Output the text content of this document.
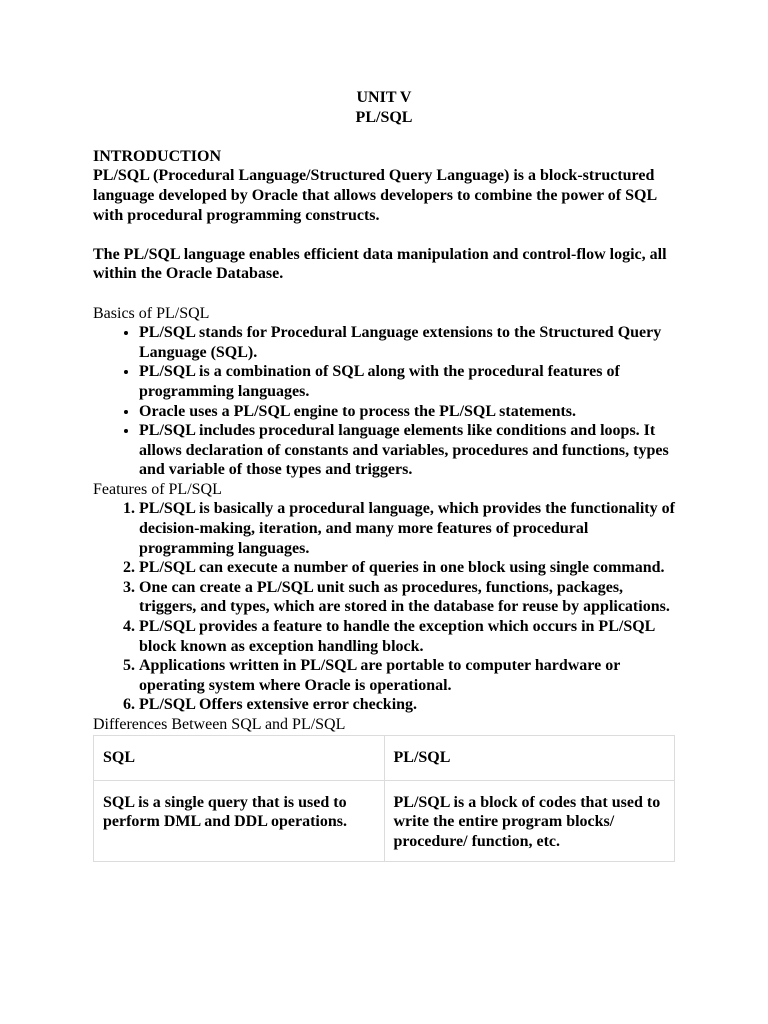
UNIT V

PL/SQL

INTRODUCTION

PL/SQL (Procedural Language/Structured Query Language) is a block-structured language developed by Oracle that allows developers to combine the power of SQL with procedural programming constructs.

The PL/SQL language enables efficient data manipulation and control-flow logic, all within the Oracle Database.

Basics of PL/SQL

• PL/SQL stands for Procedural Language extensions to the Structured Query Language (SQL).
• PL/SQL is a combination of SQL along with the procedural features of programming languages.
• Oracle uses a PL/SQL engine to process the PL/SQL statements.
• PL/SQL includes procedural language elements like conditions and loops. It allows declaration of constants and variables, procedures and functions, types and variable of those types and triggers.

Features of PL/SQL

1. PL/SQL is basically a procedural language, which provides the functionality of decision-making, iteration, and many more features of procedural programming languages.
2. PL/SQL can execute a number of queries in one block using single command.
3. One can create a PL/SQL unit such as procedures, functions, packages, triggers, and types, which are stored in the database for reuse by applications.
4. PL/SQL provides a feature to handle the exception which occurs in PL/SQL block known as exception handling block.
5. Applications written in PL/SQL are portable to computer hardware or operating system where Oracle is operational.
6. PL/SQL Offers extensive error checking.

Differences Between SQL and PL/SQL

SQL	PL/SQL
SQL is a single query that is used to perform DML and DDL operations.	PL/SQL is a block of codes that used to write the entire program blocks/ procedure/ function, etc.
